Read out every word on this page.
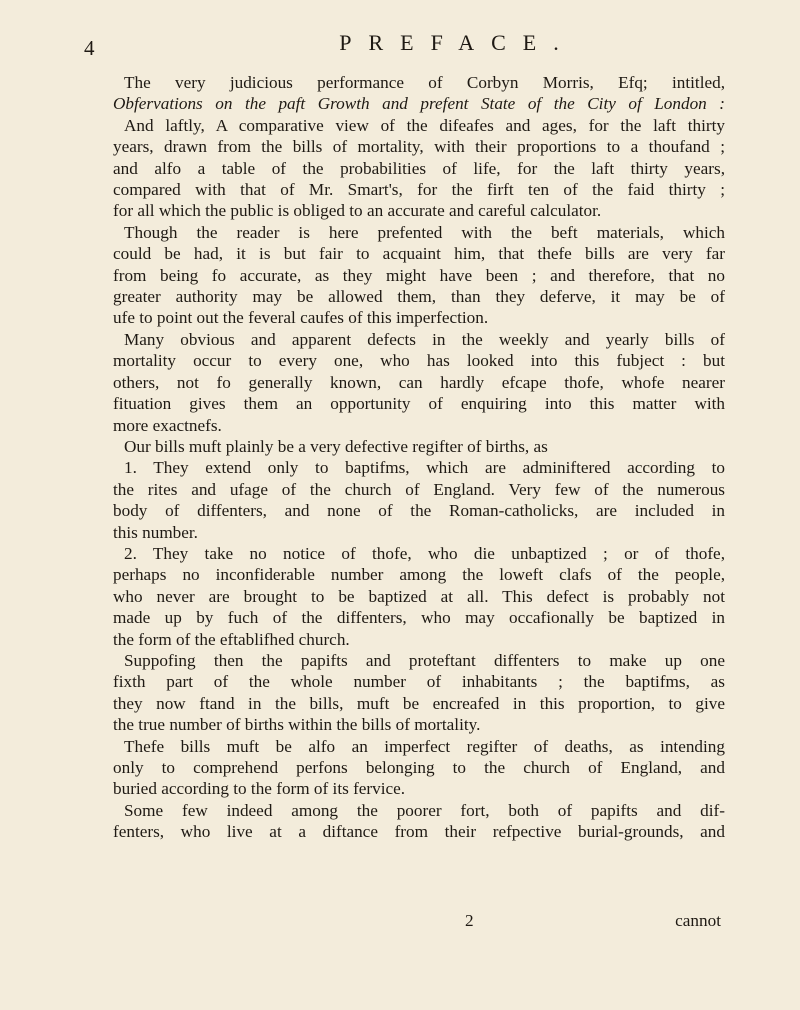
4	PREFACE.
The very judicious performance of Corbyn Morris, Efq; intitled,
Obfervations on the paft Growth and prefent State of the City of London :
And laftly, A comparative view of the difeafes and ages, for the laft thirty
years, drawn from the bills of mortality, with their proportions to a thoufand ;
and alfo a table of the probabilities of life, for the laft thirty years,
compared with that of Mr. Smart's, for the firft ten of the faid thirty ;
for all which the public is obliged to an accurate and careful calculator.
Though the reader is here prefented with the beft materials, which
could be had, it is but fair to acquaint him, that thefe bills are very far
from being fo accurate, as they might have been ; and therefore, that no
greater authority may be allowed them, than they deferve, it may be of
ufe to point out the feveral caufes of this imperfection.
Many obvious and apparent defects in the weekly and yearly bills of
mortality occur to every one, who has looked into this fubject : but
others, not fo generally known, can hardly efcape thofe, whofe nearer
fituation gives them an opportunity of enquiring into this matter with
more exactnefs.
Our bills muft plainly be a very defective regifter of births, as
1. They extend only to baptifms, which are adminiftered according to
the rites and ufage of the church of England. Very few of the numerous
body of diffenters, and none of the Roman-catholicks, are included in
this number.
2. They take no notice of thofe, who die unbaptized ; or of thofe,
perhaps no inconfiderable number among the loweft clafs of the people,
who never are brought to be baptized at all. This defect is probably not
made up by fuch of the diffenters, who may occafionally be baptized in
the form of the eftablifhed church.
Suppofing then the papifts and proteftant diffenters to make up one
fixth part of the whole number of inhabitants ; the baptifms, as
they now ftand in the bills, muft be encreafed in this proportion, to give
the true number of births within the bills of mortality.
Thefe bills muft be alfo an imperfect regifter of deaths, as intending
only to comprehend perfons belonging to the church of England, and
buried according to the form of its fervice.
Some few indeed among the poorer fort, both of papifts and dif-
fenters, who live at a diftance from their refpective burial-grounds, and
2	cannot
